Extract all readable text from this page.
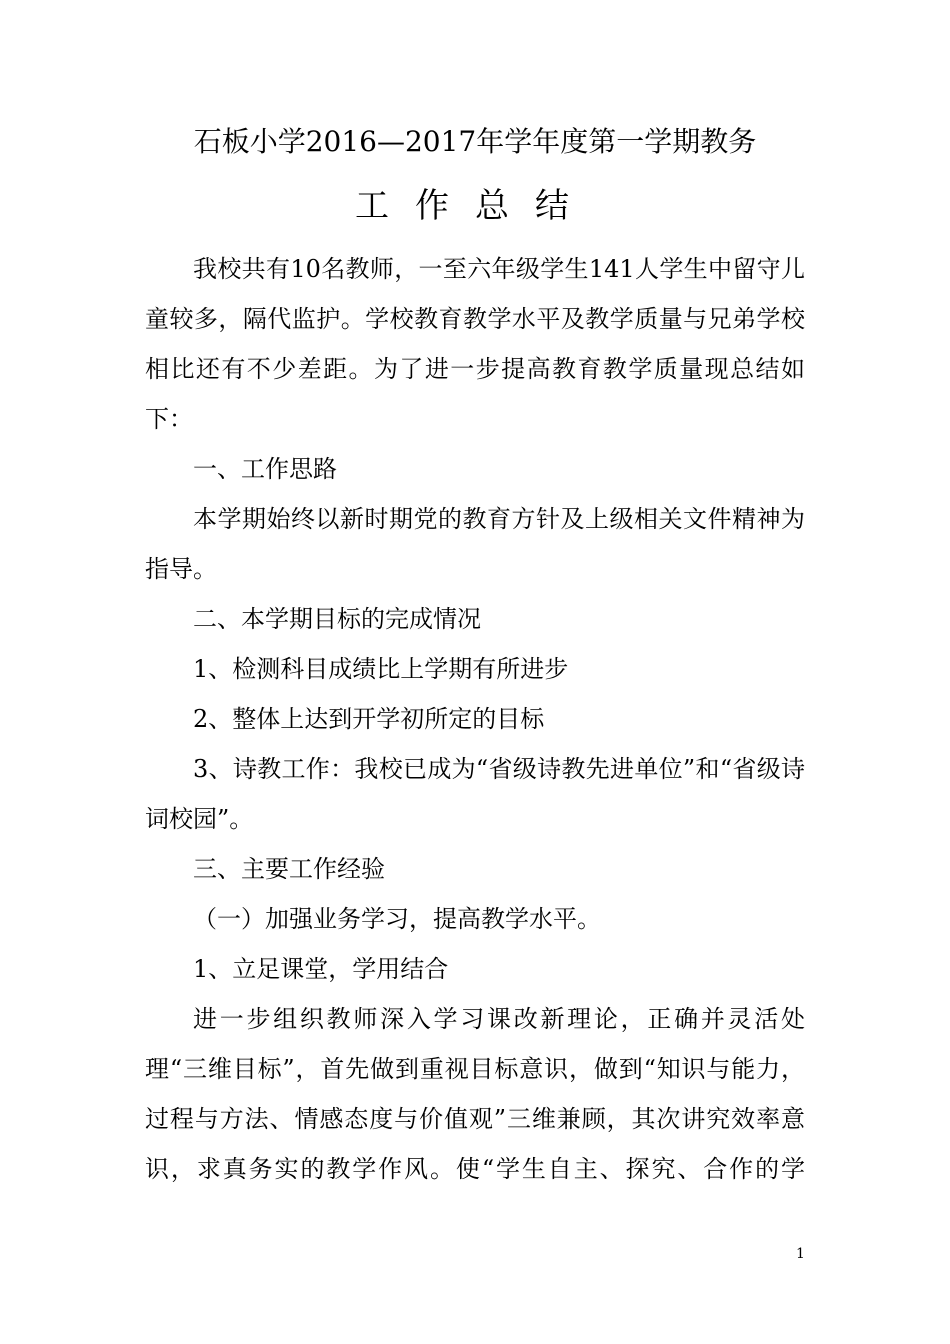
石板小学2016—2017年学年度第一学期教务
工作总结

我校共有10名教师，一至六年级学生141人学生中留守儿童较多，隔代监护。学校教育教学水平及教学质量与兄弟学校相比还有不少差距。为了进一步提高教育教学质量现总结如下：

一、工作思路

本学期始终以新时期党的教育方针及上级相关文件精神为指导。

二、本学期目标的完成情况

1、检测科目成绩比上学期有所进步

2、整体上达到开学初所定的目标

3、诗教工作：我校已成为“省级诗教先进单位”和“省级诗词校园”。

三、主要工作经验

（一）加强业务学习，提高教学水平。

1、立足课堂，学用结合

进一步组织教师深入学习课改新理论，正确并灵活处理“三维目标”，首先做到重视目标意识，做到“知识与能力，过程与方法、情感态度与价值观”三维兼顾，其次讲究效率意识，求真务实的教学作风。使“学生自主、探究、合作的学

1
